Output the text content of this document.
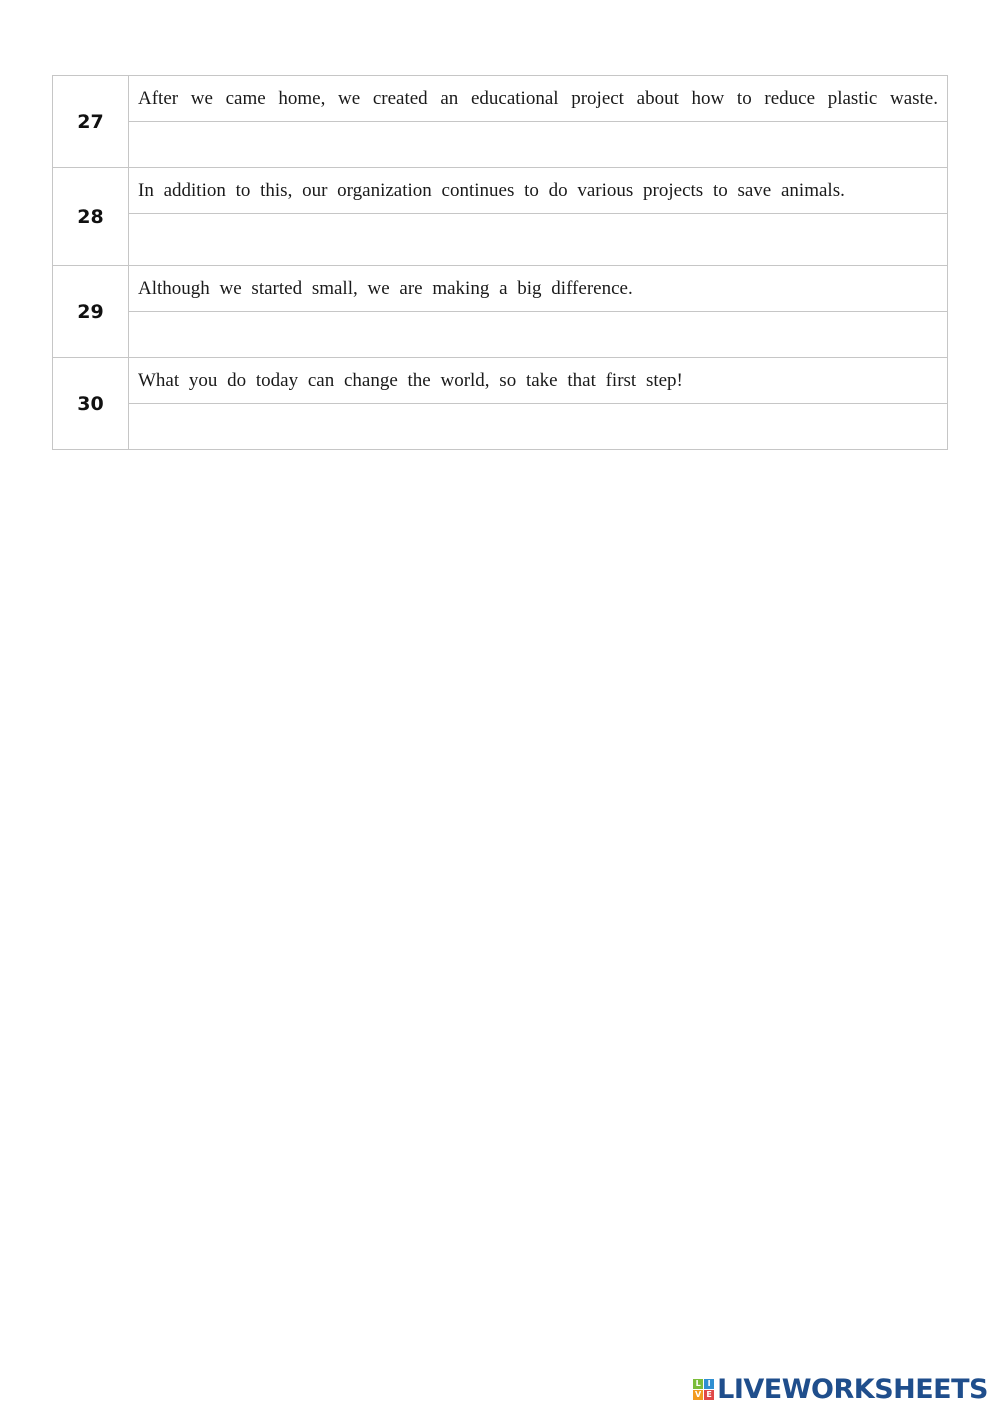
27	After we came home, we created an educational project about how to reduce plastic waste.

28	In addition to this, our organization continues to do various projects to save animals.

29	Although we started small, we are making a big difference.

30	What you do today can change the world, so take that first step!

L I
V E LIVEWORKSHEETS
